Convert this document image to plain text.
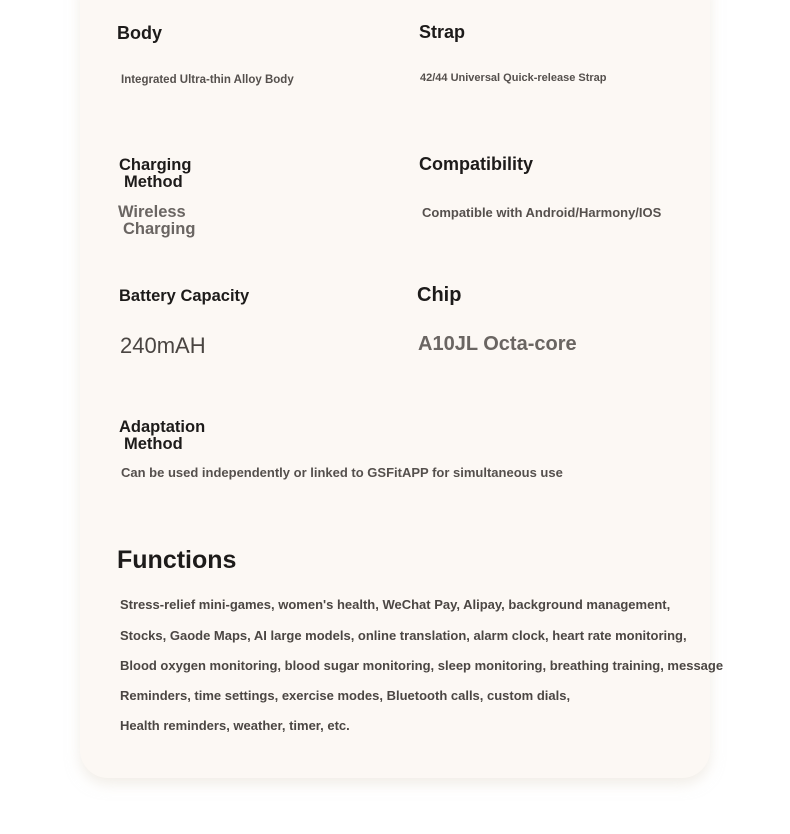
Body

Integrated Ultra-thin Alloy Body

Strap

42/44 Universal Quick-release Strap

Charging
Method

Wireless
Charging

Compatibility

Compatible with Android/Harmony/IOS

Battery Capacity

240mAH

Chip

A10JL Octa-core

Adaptation
Method

Can be used independently or linked to GSFitAPP for simultaneous use

Functions

Stress-relief mini-games, women's health, WeChat Pay, Alipay, background management,

Stocks, Gaode Maps, AI large models, online translation, alarm clock, heart rate monitoring,

Blood oxygen monitoring, blood sugar monitoring, sleep monitoring, breathing training, message

Reminders, time settings, exercise modes, Bluetooth calls, custom dials,

Health reminders, weather, timer, etc.
